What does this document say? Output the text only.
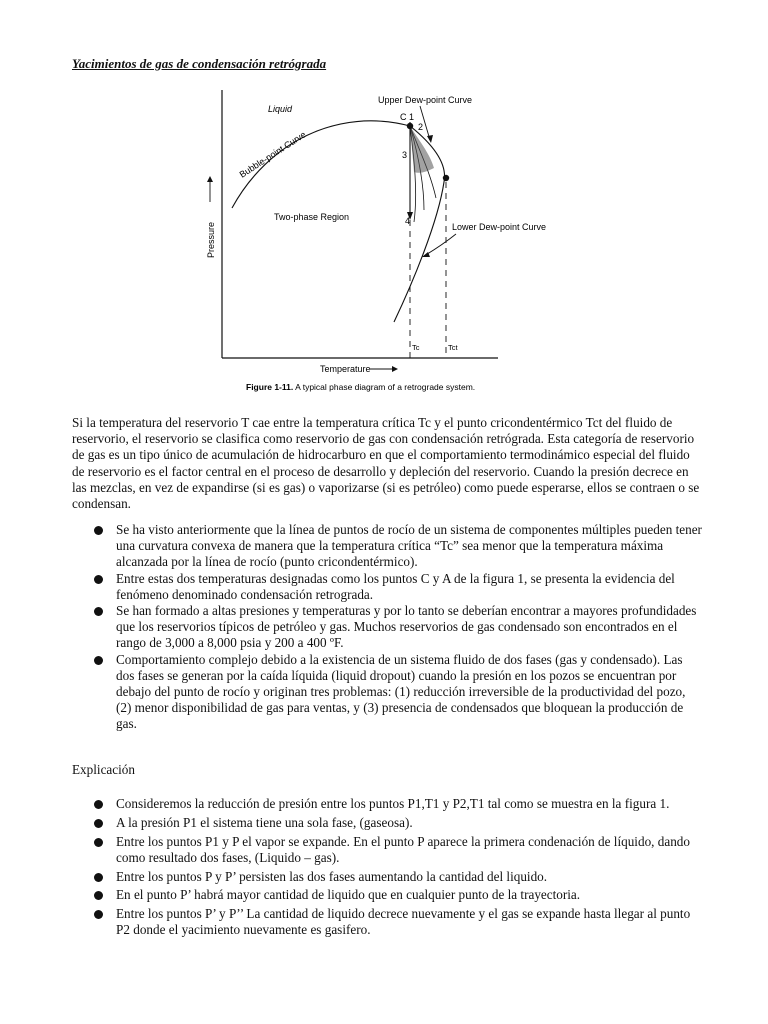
Yacimientos de gas de condensación retrógrada
Pressure
Temperature
Liquid
Upper Dew-point Curve
Bubble-point Curve
Two-phase Region
Lower Dew-point Curve
C 1
2
3
4
Tc	Tct
Figure 1-11. A typical phase diagram of a retrograde system.
Si la temperatura del reservorio T cae entre la temperatura crítica Tc y el punto cricondentérmico Tct del fluido de reservorio, el reservorio se clasifica como reservorio de gas con condensación retrógrada. Esta categoría de reservorio de gas es un tipo único de acumulación de hidrocarburo en que el comportamiento termodinámico especial del fluido de reservorio es el factor central en el proceso de desarrollo y depleción del reservorio. Cuando la presión decrece en las mezclas, en vez de expandirse (si es gas) o vaporizarse (si es petróleo) como puede esperarse, ellos se contraen o se condensan.
Se ha visto anteriormente que la línea de puntos de rocío de un sistema de componentes múltiples pueden tener una curvatura convexa de manera que la temperatura crítica “Tc” sea menor que la temperatura máxima alcanzada por la línea de rocío (punto cricondentérmico).
Entre estas dos temperaturas designadas como los puntos C y A de la figura 1, se presenta la evidencia del fenómeno denominado condensación retrograda.
Se han formado a altas presiones y temperaturas y por lo tanto se deberían encontrar a mayores profundidades que los reservorios típicos de petróleo y gas. Muchos reservorios de gas condensado son encontrados en el rango de 3,000 a 8,000 psia y 200 a 400 ºF.
Comportamiento complejo debido a la existencia de un sistema fluido de dos fases (gas y condensado). Las dos fases se generan por la caída líquida (liquid dropout) cuando la presión en los pozos se encuentran por debajo del punto de rocío y originan tres problemas: (1) reducción irreversible de la productividad del pozo, (2) menor disponibilidad de gas para ventas, y (3) presencia de condensados que bloquean la producción de gas.
Explicación
Consideremos la reducción de presión entre los puntos P1,T1 y P2,T1 tal como se muestra en la figura 1.
A la presión P1 el sistema tiene una sola fase, (gaseosa).
Entre los puntos P1 y P el vapor se expande. En el punto P aparece la primera condenación de líquido, dando como resultado dos fases, (Liquido – gas).
Entre los puntos P y P’ persisten las dos fases aumentando la cantidad del liquido.
En el punto P’ habrá mayor cantidad de liquido que en cualquier punto de la trayectoria.
Entre los puntos P’ y P’’ La cantidad de liquido decrece nuevamente y el gas se expande hasta llegar al punto P2 donde el yacimiento nuevamente es gasifero.
